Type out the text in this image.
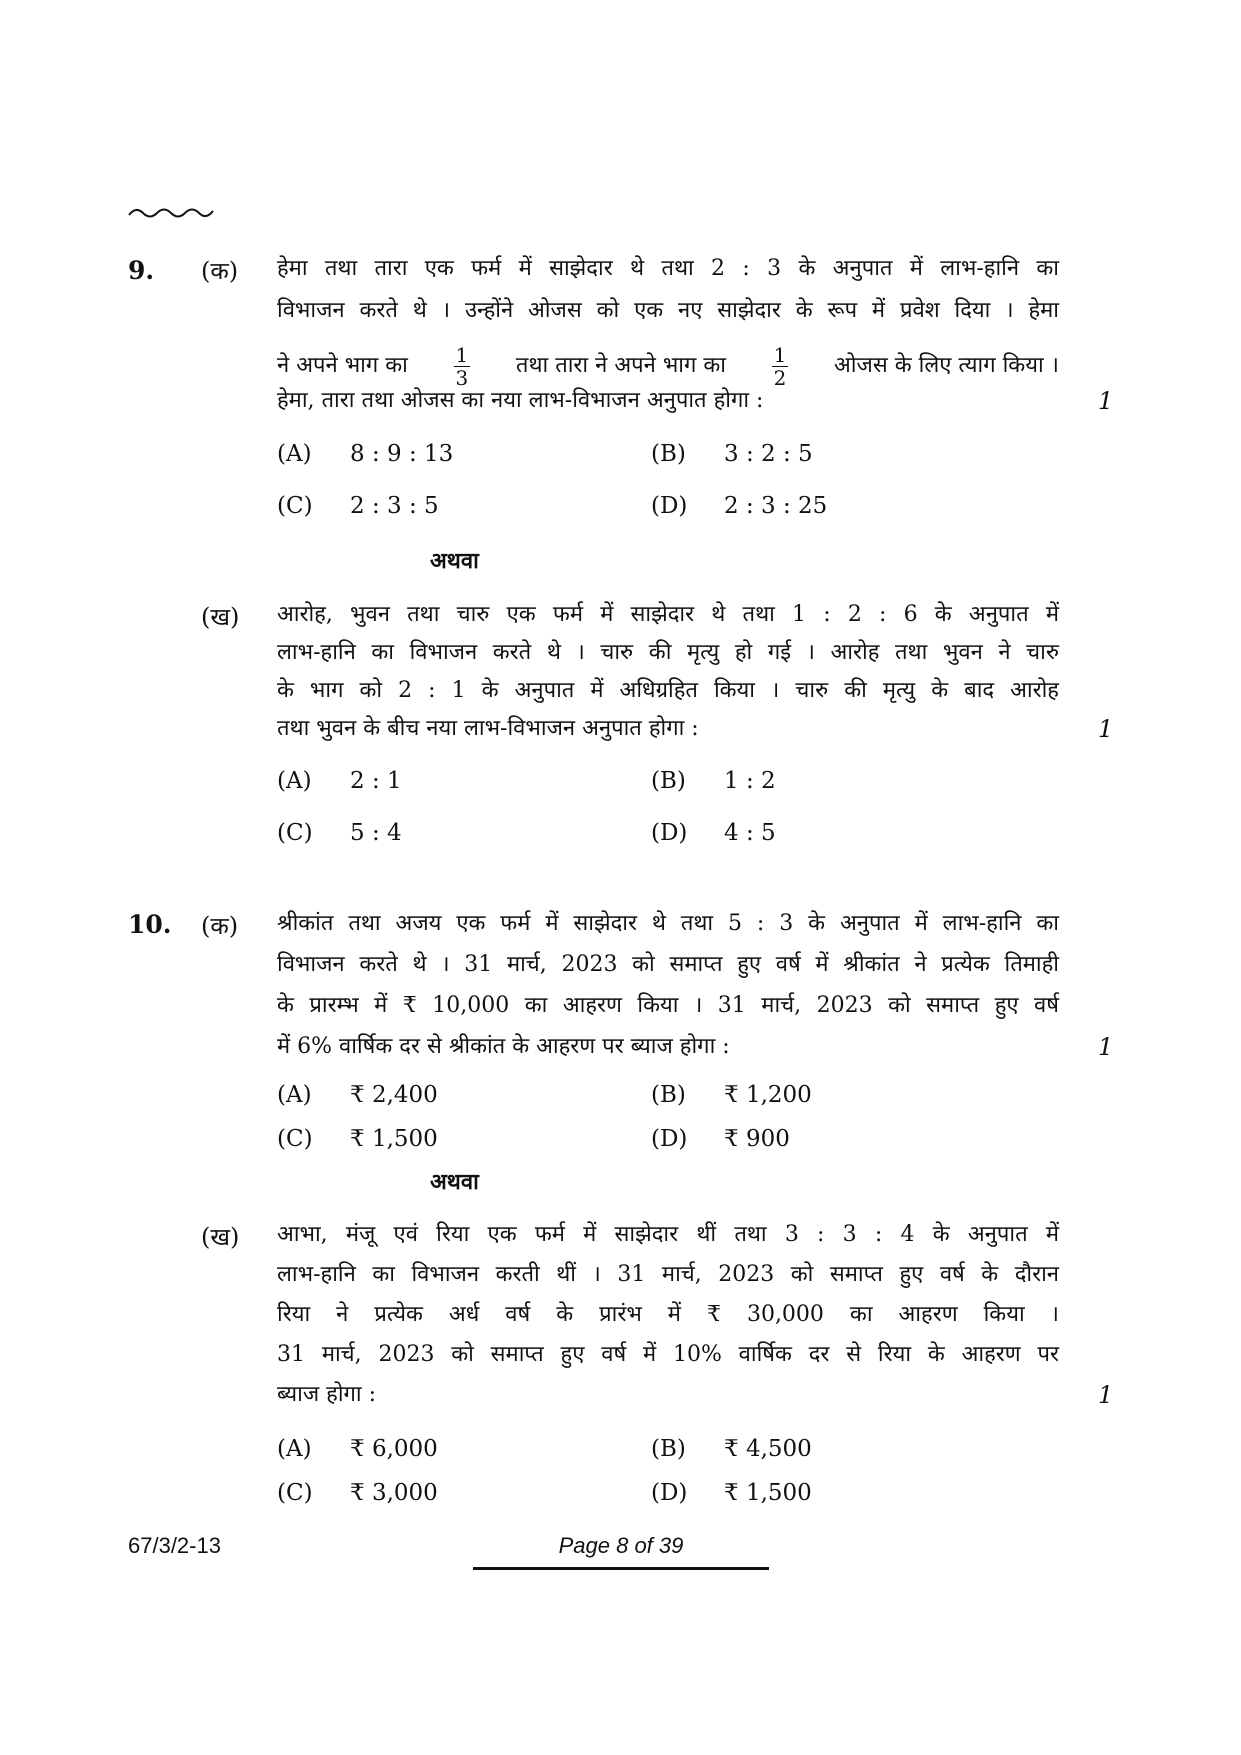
9. (क) हेमा तथा तारा एक फर्म में साझेदार थे तथा 2 : 3 के अनुपात में लाभ-हानि का
विभाजन करते थे । उन्होंने ओजस को एक नए साझेदार के रूप में प्रवेश दिया । हेमा
ने अपने भाग का $\frac{1}{3}$ तथा तारा ने अपने भाग का $\frac{1}{2}$ ओजस के लिए त्याग किया ।
हेमा, तारा तथा ओजस का नया लाभ-विभाजन अनुपात होगा :	1
(A) 8 : 9 : 13	(B) 3 : 2 : 5
(C) 2 : 3 : 5	(D) 2 : 3 : 25
अथवा
(ख) आरोह, भुवन तथा चारु एक फर्म में साझेदार थे तथा 1 : 2 : 6 के अनुपात में
लाभ-हानि का विभाजन करते थे । चारु की मृत्यु हो गई । आरोह तथा भुवन ने चारु
के भाग को 2 : 1 के अनुपात में अधिग्रहित किया । चारु की मृत्यु के बाद आरोह
तथा भुवन के बीच नया लाभ-विभाजन अनुपात होगा :	1
(A) 2 : 1	(B) 1 : 2
(C) 5 : 4	(D) 4 : 5
10. (क) श्रीकांत तथा अजय एक फर्म में साझेदार थे तथा 5 : 3 के अनुपात में लाभ-हानि का
विभाजन करते थे । 31 मार्च, 2023 को समाप्त हुए वर्ष में श्रीकांत ने प्रत्येक तिमाही
के प्रारम्भ में ₹ 10,000 का आहरण किया । 31 मार्च, 2023 को समाप्त हुए वर्ष
में 6% वार्षिक दर से श्रीकांत के आहरण पर ब्याज होगा :	1
(A) ₹ 2,400	(B) ₹ 1,200
(C) ₹ 1,500	(D) ₹ 900
अथवा
(ख) आभा, मंजू एवं रिया एक फर्म में साझेदार थीं तथा 3 : 3 : 4 के अनुपात में
लाभ-हानि का विभाजन करती थीं । 31 मार्च, 2023 को समाप्त हुए वर्ष के दौरान
रिया ने प्रत्येक अर्ध वर्ष के प्रारंभ में ₹ 30,000 का आहरण किया ।
31 मार्च, 2023 को समाप्त हुए वर्ष में 10% वार्षिक दर से रिया के आहरण पर
ब्याज होगा :	1
(A) ₹ 6,000	(B) ₹ 4,500
(C) ₹ 3,000	(D) ₹ 1,500
67/3/2-13	Page 8 of 39
